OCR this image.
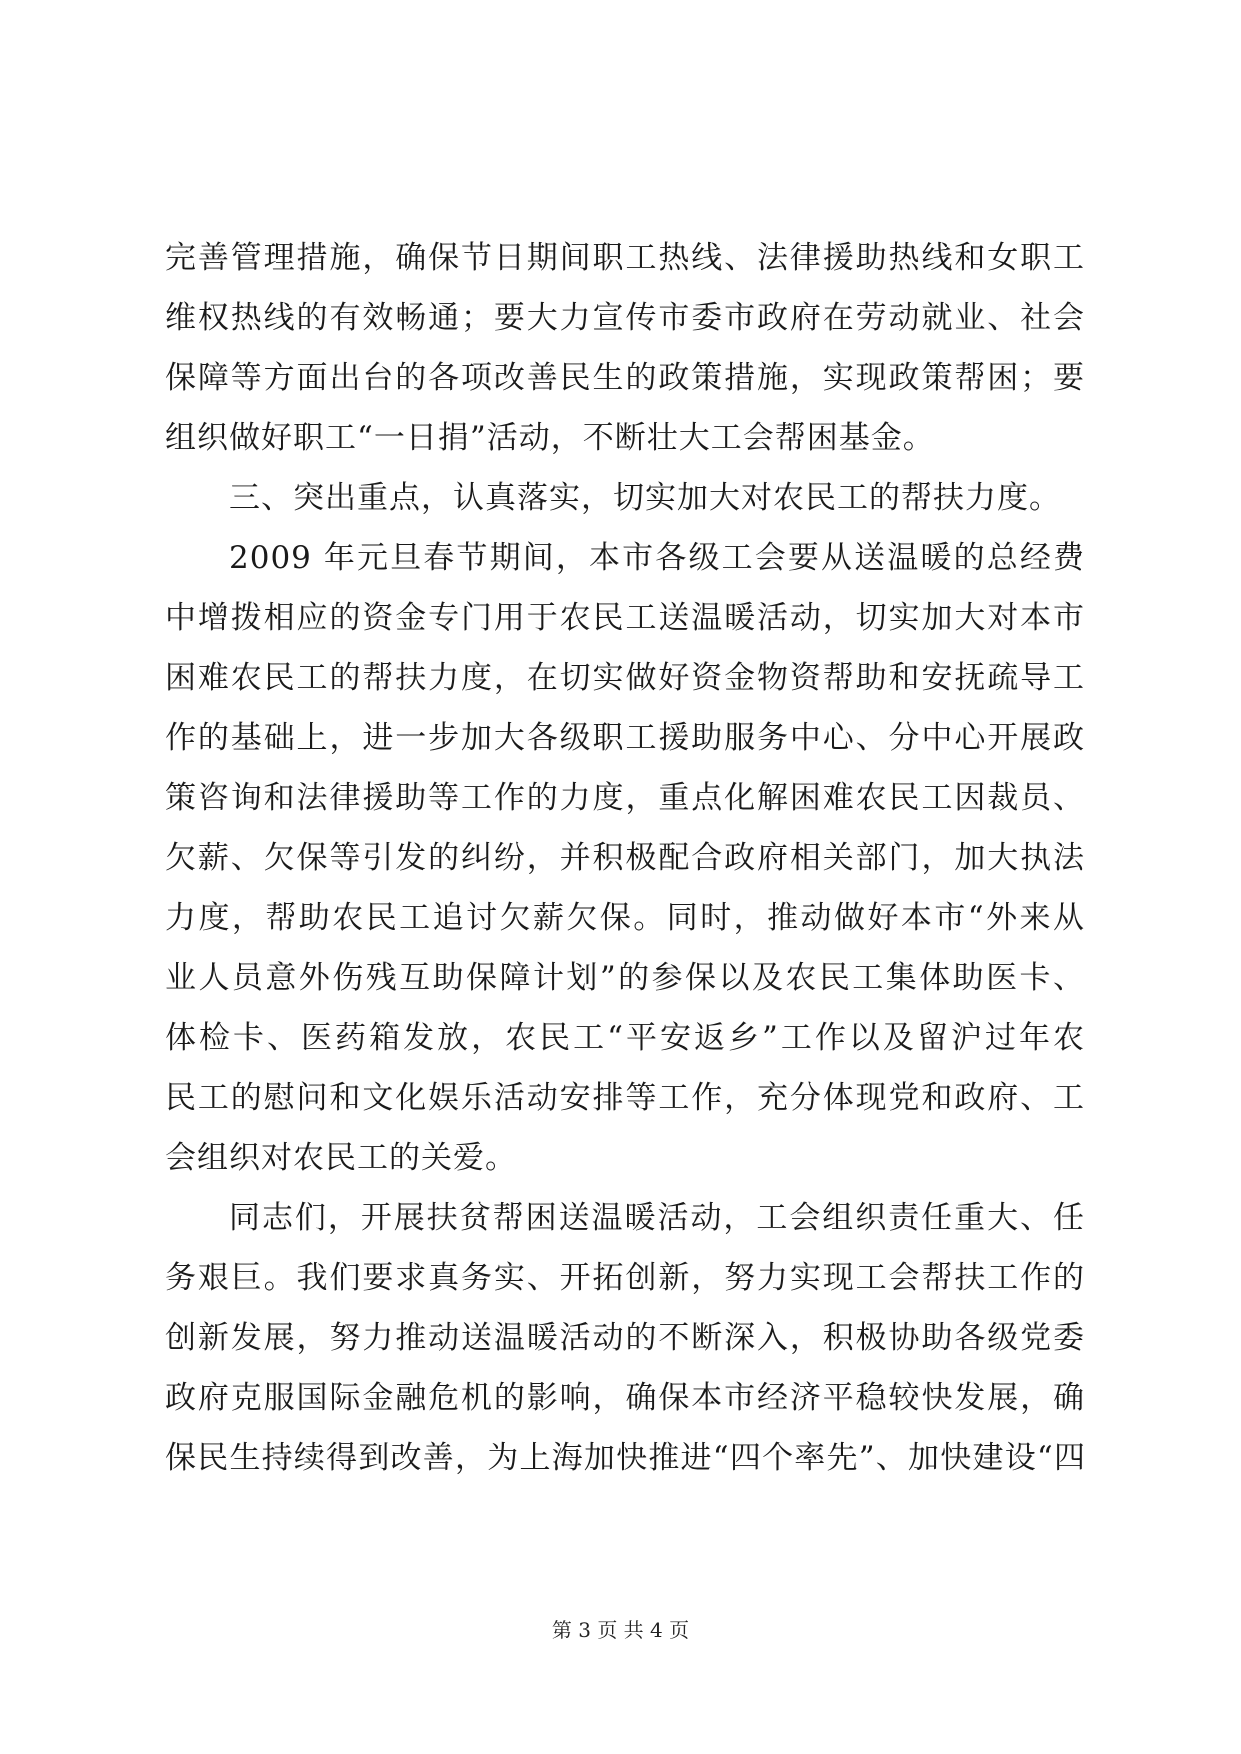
完善管理措施，确保节日期间职工热线、法律援助热线和女职工
维权热线的有效畅通；要大力宣传市委市政府在劳动就业、社会
保障等方面出台的各项改善民生的政策措施，实现政策帮困；要
组织做好职工“一日捐”活动，不断壮大工会帮困基金。
三、突出重点，认真落实，切实加大对农民工的帮扶力度。
2009 年元旦春节期间，本市各级工会要从送温暖的总经费
中增拨相应的资金专门用于农民工送温暖活动，切实加大对本市
困难农民工的帮扶力度，在切实做好资金物资帮助和安抚疏导工
作的基础上，进一步加大各级职工援助服务中心、分中心开展政
策咨询和法律援助等工作的力度，重点化解困难农民工因裁员、
欠薪、欠保等引发的纠纷，并积极配合政府相关部门，加大执法
力度，帮助农民工追讨欠薪欠保。同时，推动做好本市“外来从
业人员意外伤残互助保障计划”的参保以及农民工集体助医卡、
体检卡、医药箱发放，农民工“平安返乡”工作以及留沪过年农
民工的慰问和文化娱乐活动安排等工作，充分体现党和政府、工
会组织对农民工的关爱。
同志们，开展扶贫帮困送温暖活动，工会组织责任重大、任
务艰巨。我们要求真务实、开拓创新，努力实现工会帮扶工作的
创新发展，努力推动送温暖活动的不断深入，积极协助各级党委
政府克服国际金融危机的影响，确保本市经济平稳较快发展，确
保民生持续得到改善，为上海加快推进“四个率先”、加快建设“四
第 3 页 共 4 页
